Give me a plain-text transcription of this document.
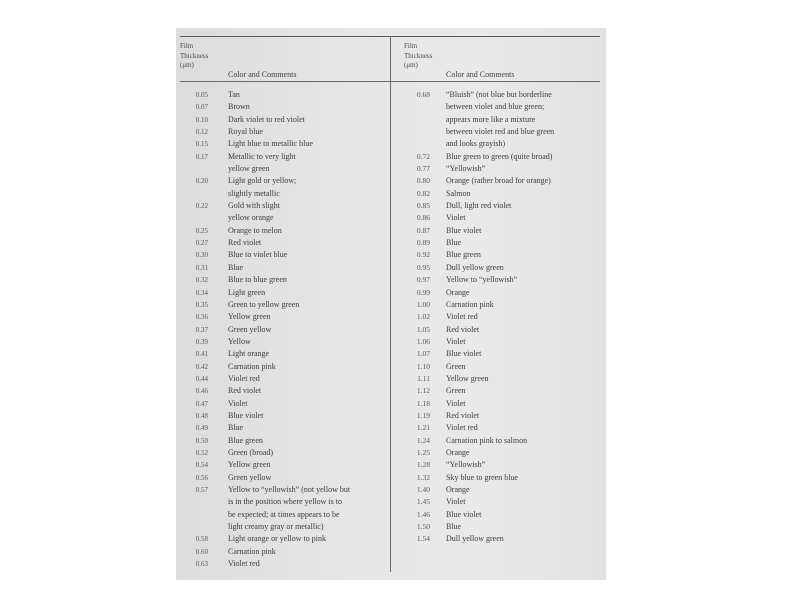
Film
Thickness
(μm)
Color and Comments
0.05	Tan
0.07	Brown
0.10	Dark violet to red violet
0.12	Royal blue
0.15	Light blue to metallic blue
0.17	Metallic to very light
yellow green
0.20	Light gold or yellow;
slightly metallic
0.22	Gold with slight
yellow orange
0.25	Orange to melon
0.27	Red violet
0.30	Blue to violet blue
0.31	Blue
0.32	Blue to blue green
0.34	Light green
0.35	Green to yellow green
0.36	Yellow green
0.37	Green yellow
0.39	Yellow
0.41	Light orange
0.42	Carnation pink
0.44	Violet red
0.46	Red violet
0.47	Violet
0.48	Blue violet
0.49	Blue
0.50	Blue green
0.52	Green (broad)
0.54	Yellow green
0.56	Green yellow
0.57	Yellow to “yellowish” (not yellow but
is in the position where yellow is to
be expected; at times appears to be
light creamy gray or metallic)
0.58	Light orange or yellow to pink
0.60	Carnation pink
0.63	Violet red
Film
Thickness
(μm)
Color and Comments
0.68	“Bluish” (not blue but borderline
between violet and blue green;
appears more like a mixture
between violet red and blue green
and looks grayish)
0.72	Blue green to green (quite broad)
0.77	“Yellowish”
0.80	Orange (rather broad for orange)
0.82	Salmon
0.85	Dull, light red violet
0.86	Violet
0.87	Blue violet
0.89	Blue
0.92	Blue green
0.95	Dull yellow green
0.97	Yellow to “yellowish”
0.99	Orange
1.00	Carnation pink
1.02	Violet red
1.05	Red violet
1.06	Violet
1.07	Blue violet
1.10	Green
1.11	Yellow green
1.12	Green
1.18	Violet
1.19	Red violet
1.21	Violet red
1.24	Carnation pink to salmon
1.25	Orange
1.28	“Yellowish”
1.32	Sky blue to green blue
1.40	Orange
1.45	Violet
1.46	Blue violet
1.50	Blue
1.54	Dull yellow green
